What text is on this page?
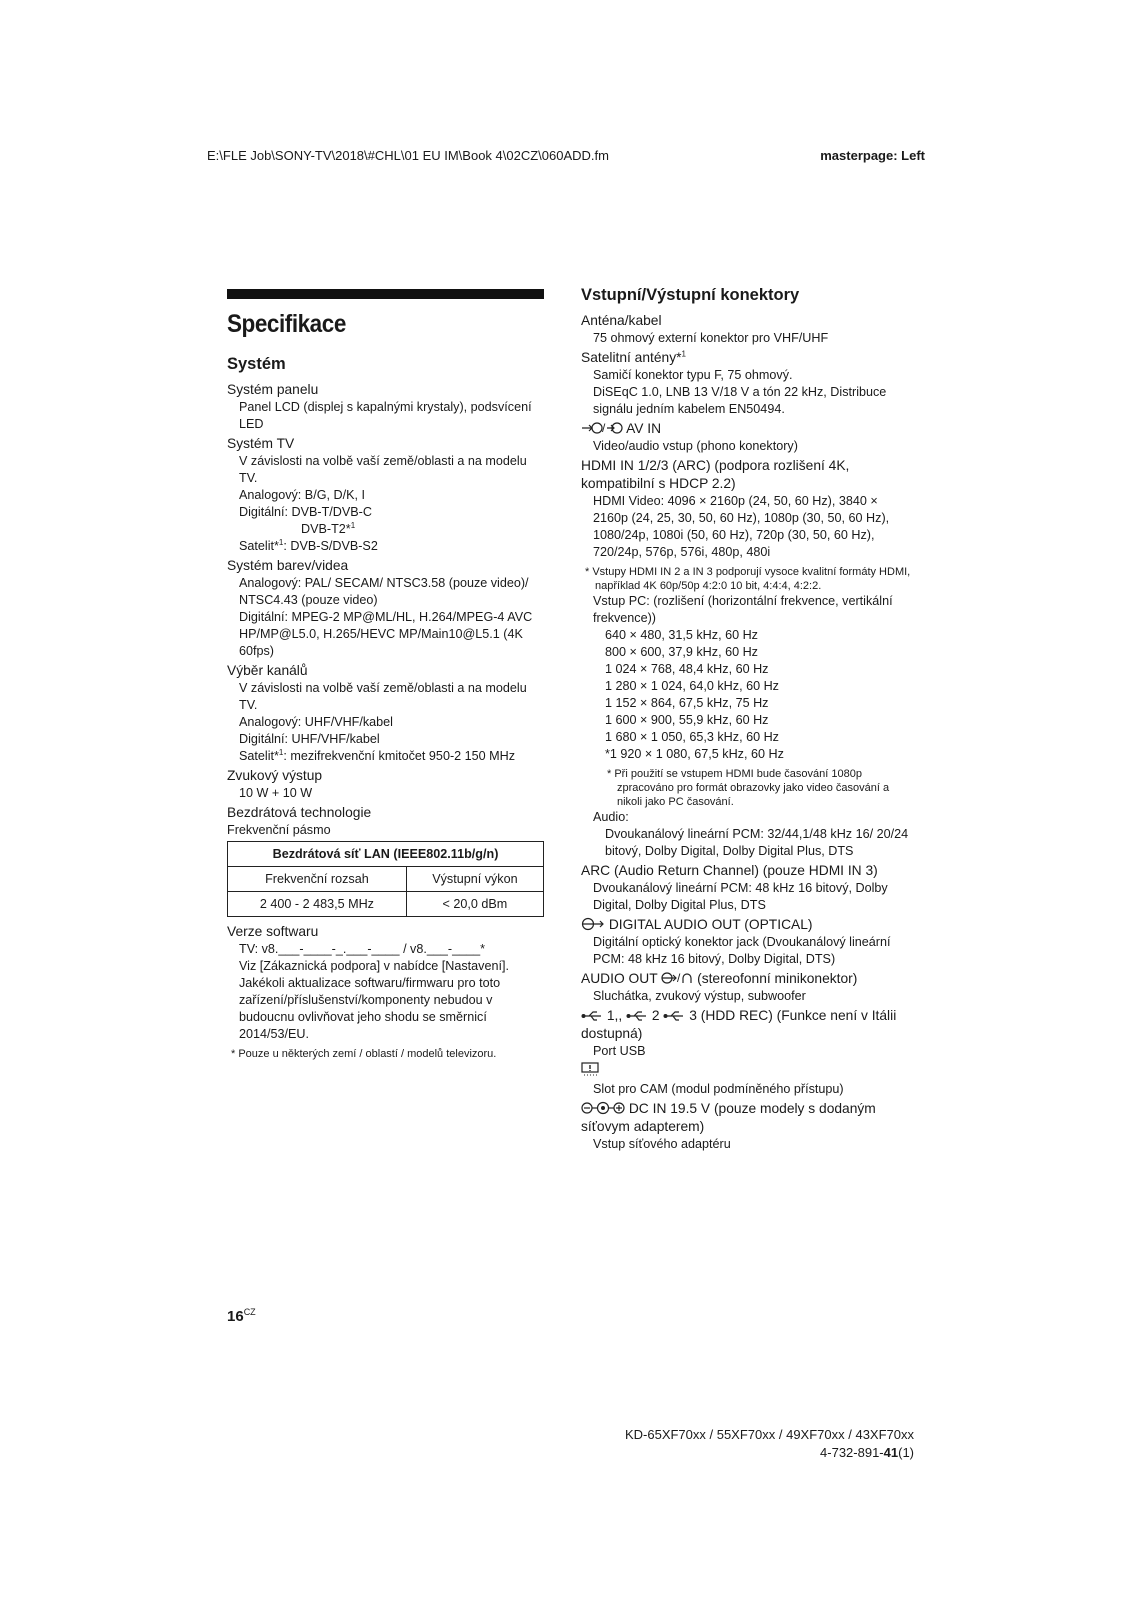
E:\FLE Job\SONY-TV\2018\#CHL\01 EU IM\Book 4\02CZ\060ADD.fm	masterpage: Left
Specifikace
Systém
Systém panelu
Panel LCD (displej s kapalnými krystaly), podsvícení LED
Systém TV
V závislosti na volbě vaší země/oblasti a na modelu TV.
Analogový: B/G, D/K, I
Digitální: DVB-T/DVB-C
DVB-T2*$^1$
Satelit*$^1$: DVB-S/DVB-S2
Systém barev/videa
Analogový: PAL/ SECAM/ NTSC3.58 (pouze video)/ NTSC4.43 (pouze video)
Digitální: MPEG-2 MP@ML/HL, H.264/MPEG-4 AVC HP/MP@L5.0, H.265/HEVC MP/Main10@L5.1 (4K 60fps)
Výběr kanálů
V závislosti na volbě vaší země/oblasti a na modelu TV.
Analogový: UHF/VHF/kabel
Digitální: UHF/VHF/kabel
Satelit*$^1$: mezifrekvenční kmitočet 950-2 150 MHz
Zvukový výstup
10 W + 10 W
Bezdrátová technologie
Frekvenční pásmo
Bezdrátová síť LAN (IEEE802.11b/g/n)	
Frekvenční rozsah	Výstupní výkon
2 400 - 2 483,5 MHz	< 20,0 dBm
Verze softwaru
TV: v8.___-____-_.___-____ / v8.___-____*
Viz [Zákaznická podpora] v nabídce [Nastavení]. Jakékoli aktualizace softwaru/firmwaru pro toto zařízení/příslušenství/komponenty nebudou v budoucnu ovlivňovat jeho shodu se směrnicí 2014/53/EU.
* Pouze u některých zemí / oblastí / modelů televizoru.
Vstupní/Výstupní konektory
Anténa/kabel
75 ohmový externí konektor pro VHF/UHF
Satelitní antény*$^1$
Samičí konektor typu F, 75 ohmový.
DiSEqC 1.0, LNB 13 V/18 V a tón 22 kHz, Distribuce signálu jedním kabelem EN50494.
/ AV IN
Video/audio vstup (phono konektory)
HDMI IN 1/2/3 (ARC) (podpora rozlišení 4K, kompatibilní s HDCP 2.2)
HDMI Video: 4096 × 2160p (24, 50, 60 Hz), 3840 × 2160p (24, 25, 30, 50, 60 Hz), 1080p (30, 50, 60 Hz), 1080/24p, 1080i (50, 60 Hz), 720p (30, 50, 60 Hz), 720/24p, 576p, 576i, 480p, 480i
* Vstupy HDMI IN 2 a IN 3 podporují vysoce kvalitní formáty HDMI, například 4K 60p/50p 4:2:0 10 bit, 4:4:4, 4:2:2.
Vstup PC: (rozlišení (horizontální frekvence, vertikální frekvence))
640 × 480, 31,5 kHz, 60 Hz
800 × 600, 37,9 kHz, 60 Hz
1 024 × 768, 48,4 kHz, 60 Hz
1 280 × 1 024, 64,0 kHz, 60 Hz
1 152 × 864, 67,5 kHz, 75 Hz
1 600 × 900, 55,9 kHz, 60 Hz
1 680 × 1 050, 65,3 kHz, 60 Hz
*1 920 × 1 080, 67,5 kHz, 60 Hz
* Při použití se vstupem HDMI bude časování 1080p zpracováno pro formát obrazovky jako video časování a nikoli jako PC časování.
Audio:
Dvoukanálový lineární PCM: 32/44,1/48 kHz 16/ 20/24 bitový, Dolby Digital, Dolby Digital Plus, DTS
ARC (Audio Return Channel) (pouze HDMI IN 3)
Dvoukanálový lineární PCM: 48 kHz 16 bitový, Dolby Digital, Dolby Digital Plus, DTS
DIGITAL AUDIO OUT (OPTICAL)
Digitální optický konektor jack (Dvoukanálový lineární PCM: 48 kHz 16 bitový, Dolby Digital, DTS)
AUDIO OUT / (stereofonní minikonektor)
Sluchátka, zvukový výstup, subwoofer
1,, 2 3 (HDD REC) (Funkce není v Itálii dostupná)
Port USB
Slot pro CAM (modul podmíněného přístupu)
DC IN 19.5 V (pouze modely s dodaným síťovym adapterem)
Vstup síťového adaptéru
$16^{CZ}$
KD-65XF70xx / 55XF70xx / 49XF70xx / 43XF70xx
4-732-891-41(1)
